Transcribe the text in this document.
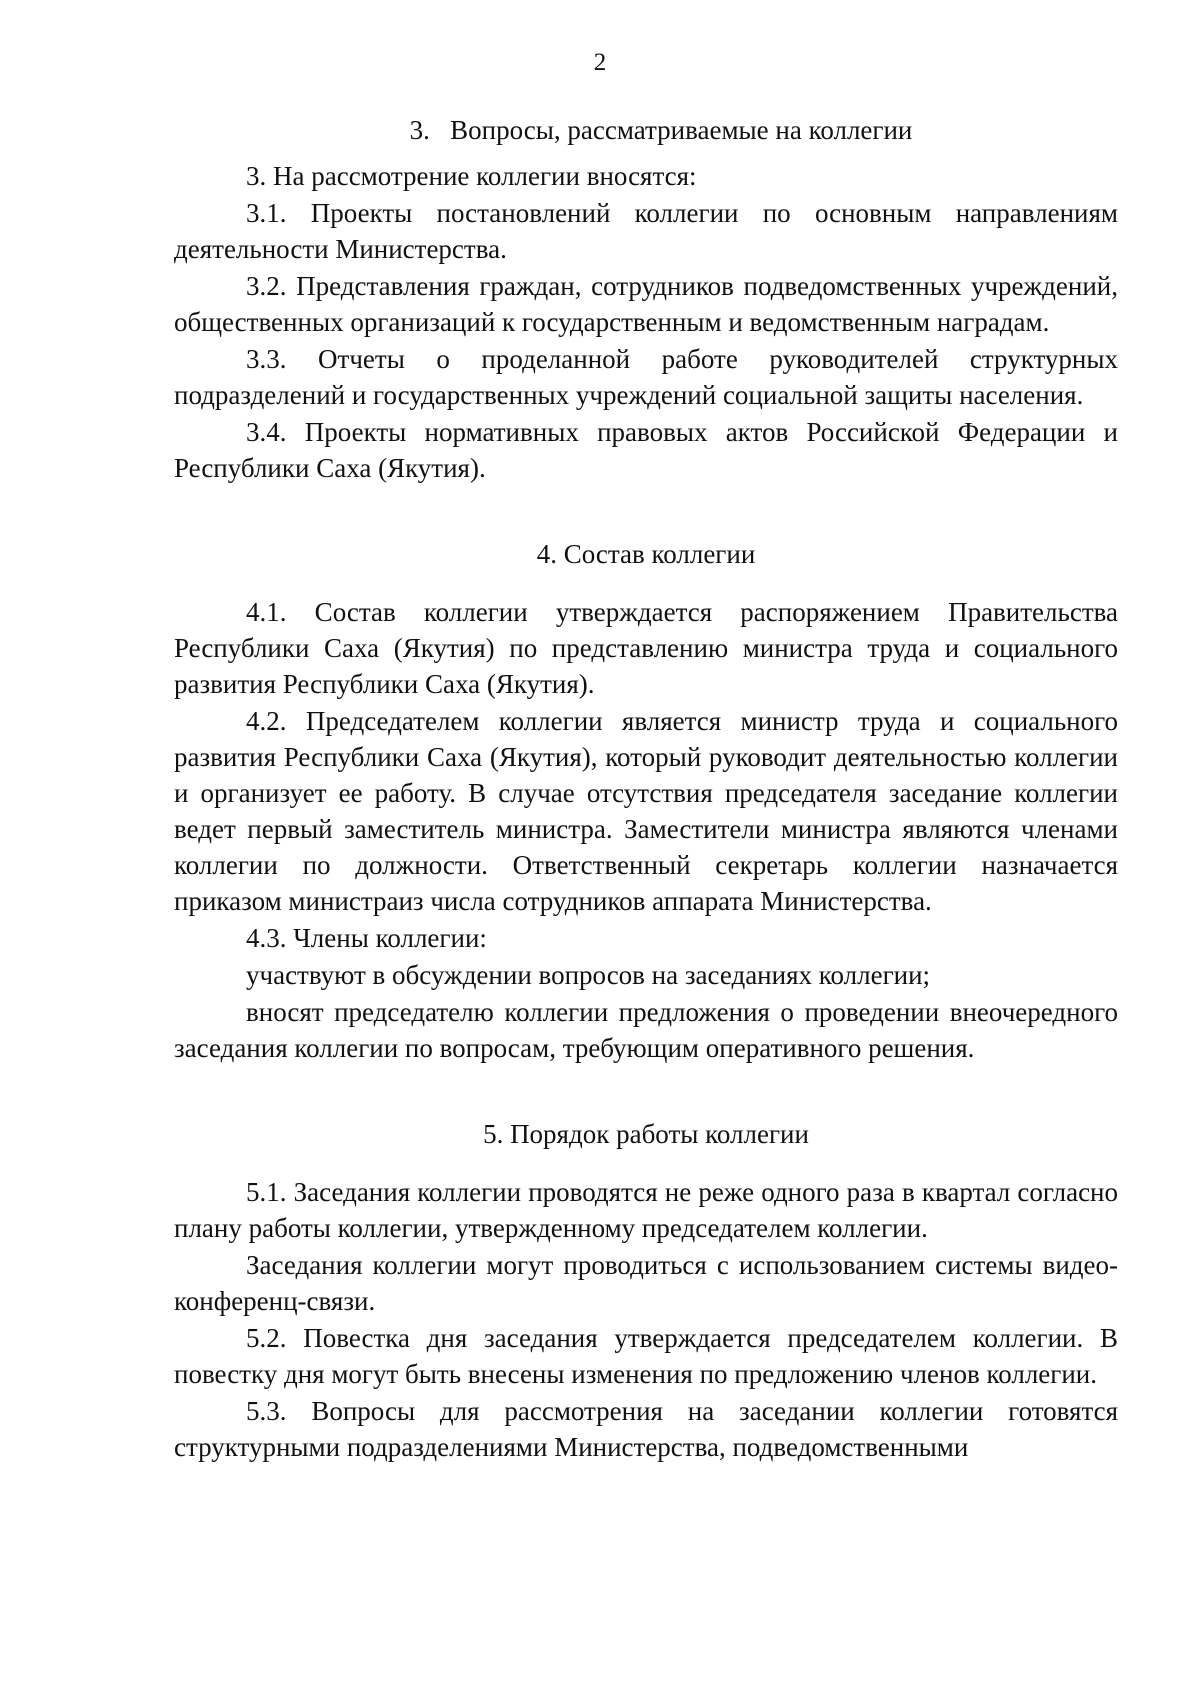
2
3.   Вопросы, рассматриваемые на коллегии

3. На рассмотрение коллегии вносятся:

3.1. Проекты постановлений коллегии по основным направлениям деятельности Министерства.

3.2. Представления граждан, сотрудников подведомственных учреждений, общественных организаций к государственным и ведомственным наградам.

3.3. Отчеты о проделанной работе руководителей структурных подразделений и государственных учреждений социальной защиты населения.

3.4. Проекты нормативных правовых актов Российской Федерации и Республики Саха (Якутия).

4. Состав коллегии

4.1. Состав коллегии утверждается распоряжением Правительства Республики Саха (Якутия) по представлению министра труда и социального развития Республики Саха (Якутия).

4.2. Председателем коллегии является министр труда и социального развития Республики Саха (Якутия), который руководит деятельностью коллегии и организует ее работу. В случае отсутствия председателя заседание коллегии ведет первый заместитель министра. Заместители министра являются членами коллегии по должности. Ответственный секретарь коллегии назначается приказом министраиз числа сотрудников аппарата Министерства.

4.3. Члены коллегии:

участвуют в обсуждении вопросов на заседаниях коллегии;

вносят председателю коллегии предложения о проведении внеочередного заседания коллегии по вопросам, требующим оперативного решения.

5. Порядок работы коллегии

5.1. Заседания коллегии проводятся не реже одного раза в квартал согласно плану работы коллегии, утвержденному председателем коллегии.

Заседания коллегии могут проводиться с использованием системы видео-конференц-связи.

5.2. Повестка дня заседания утверждается председателем коллегии. В повестку дня могут быть внесены изменения по предложению членов коллегии.

5.3. Вопросы для рассмотрения на заседании коллегии готовятся структурными подразделениями Министерства, подведомственными
